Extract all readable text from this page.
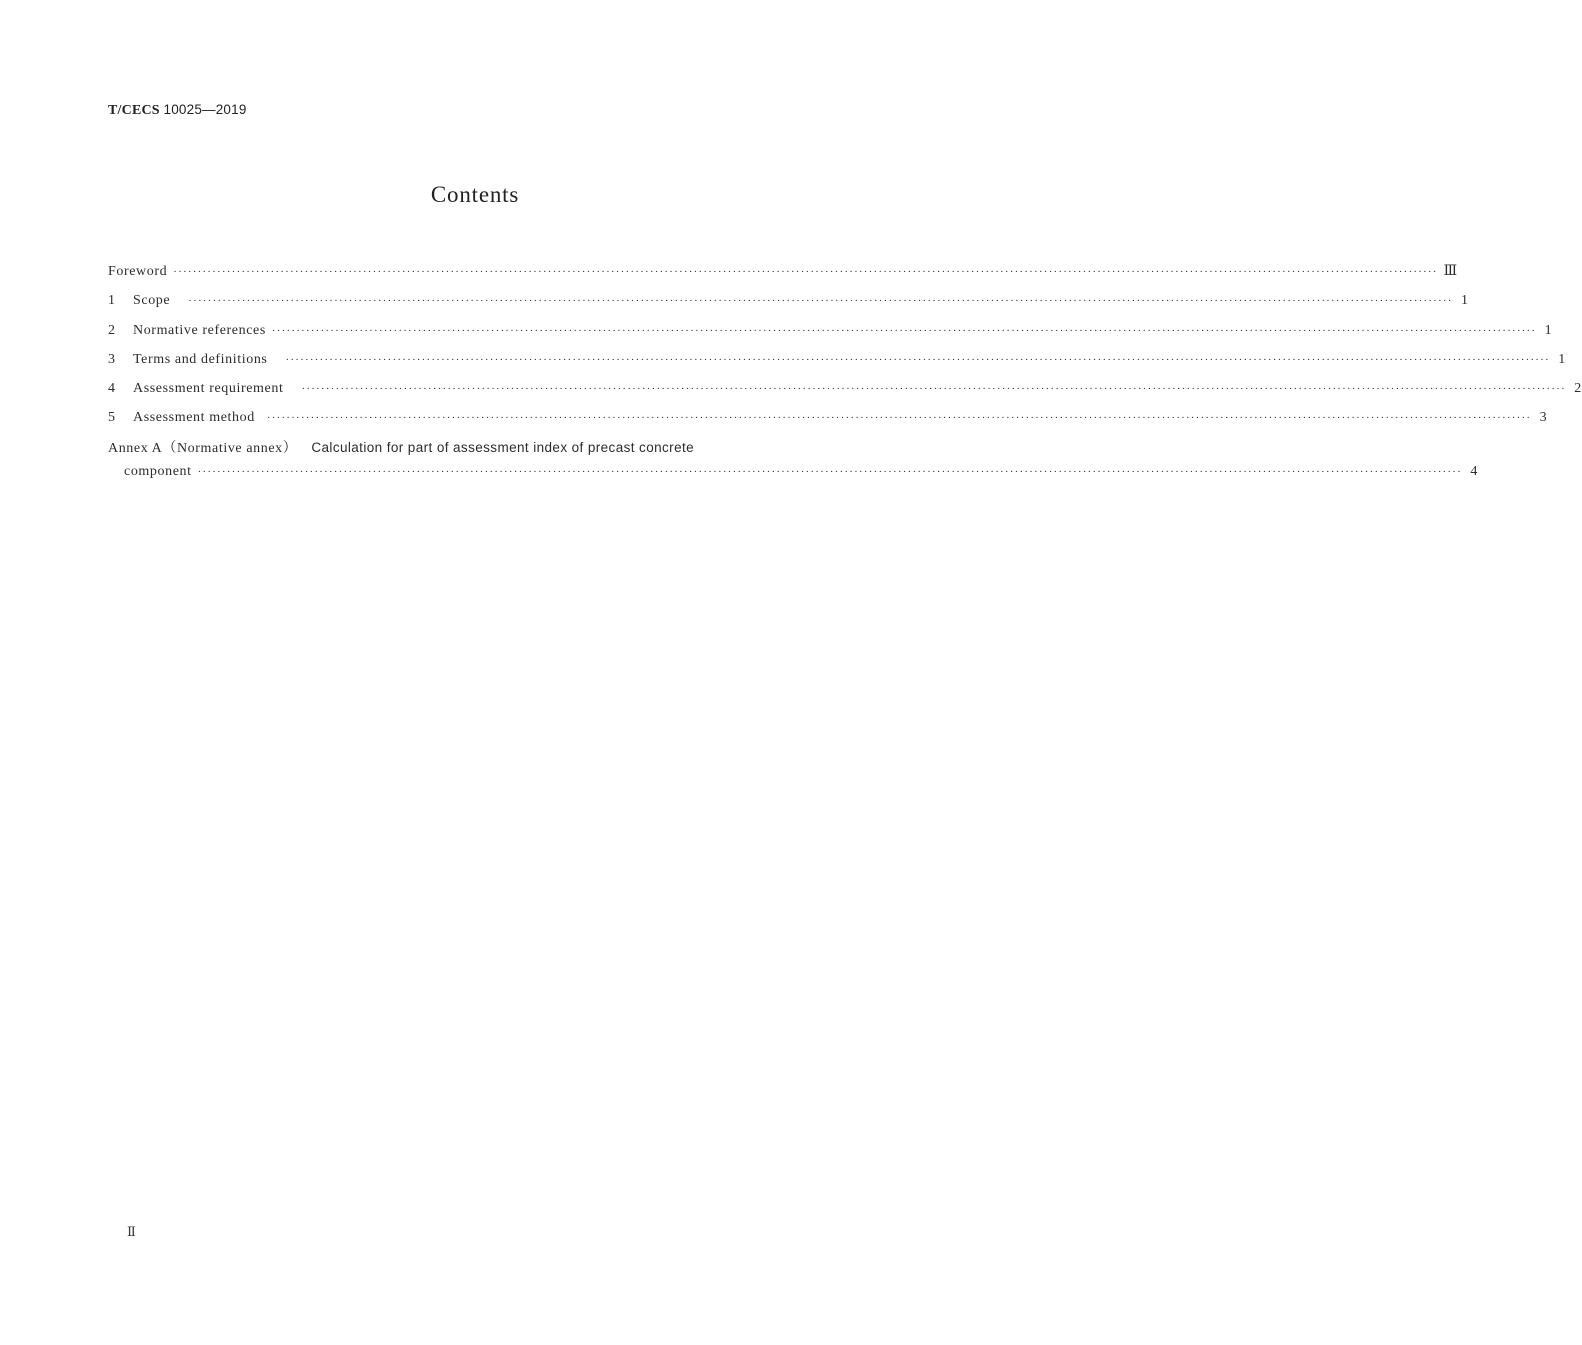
T/CECS 10025—2019
Contents
Foreword ···································································································································································································································································· Ⅲ
1	Scope ···································································································································································································································································· 1
2	Normative references ···································································································································································································································································· 1
3	Terms and definitions ···································································································································································································································································· 1
4	Assessment requirement ···································································································································································································································································· 2
5	Assessment method ···································································································································································································································································· 3
Annex A（Normative annex） Calculation for part of assessment index of precast concrete
component ···································································································································································································································································· 4
Ⅱ
